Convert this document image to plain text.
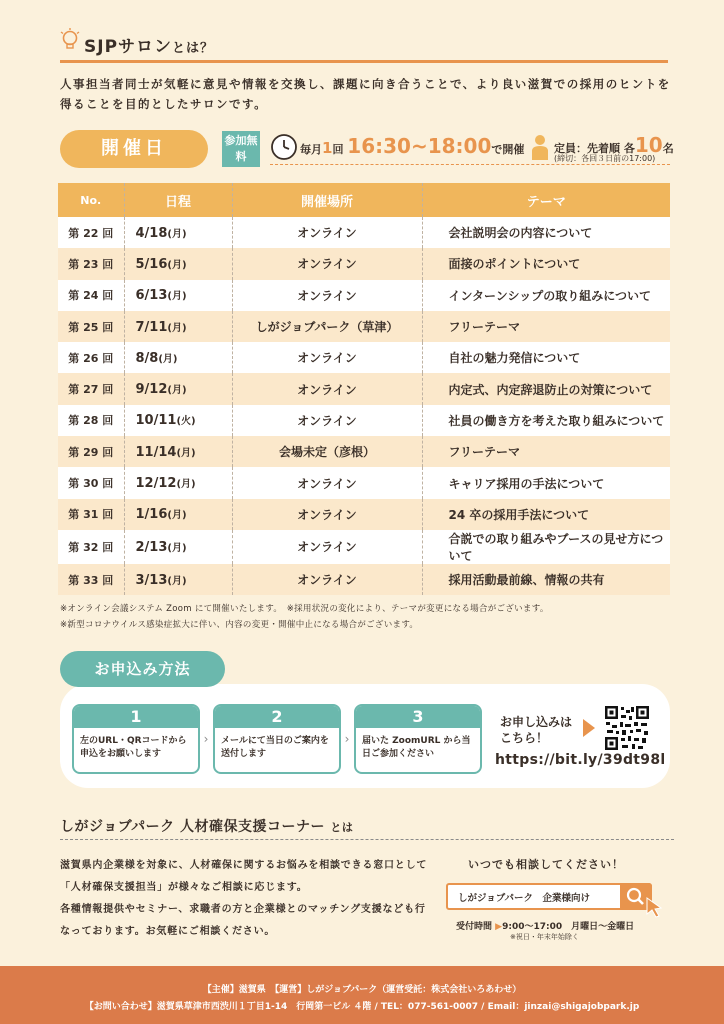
SJPサロンとは？
人事担当者同士が気軽に意見や情報を交換し、課題に向き合うことで、より良い滋賀での採用のヒントを得ることを目的としたサロンです。
開催日	参加無料
毎月1回 16:30~18:00で開催	定員：先着順 各10名
(締切：各回３日前の17:00)
No.	日程	開催場所	テーマ
第 22 回	4/18(月)	オンライン	会社説明会の内容について
第 23 回	5/16(月)	オンライン	面接のポイントについて
第 24 回	6/13(月)	オンライン	インターンシップの取り組みについて
第 25 回	7/11(月)	しがジョブパーク（草津）	フリーテーマ
第 26 回	8/8(月)	オンライン	自社の魅力発信について
第 27 回	9/12(月)	オンライン	内定式、内定辞退防止の対策について
第 28 回	10/11(火)	オンライン	社員の働き方を考えた取り組みについて
第 29 回	11/14(月)	会場未定（彦根）	フリーテーマ
第 30 回	12/12(月)	オンライン	キャリア採用の手法について
第 31 回	1/16(月)	オンライン	24 卒の採用手法について
第 32 回	2/13(月)	オンライン	合説での取り組みやブースの見せ方について
第 33 回	3/13(月)	オンライン	採用活動最前線、情報の共有
※オンライン会議システム Zoom にて開催いたします。　※採用状況の変化により、テーマが変更になる場合がございます。
※新型コロナウイルス感染症拡大に伴い、内容の変更・開催中止になる場合がございます。
お申込み方法
1
左のURL・QRコードから申込をお願いします
›
2
メールにて当日のご案内を送付します
›
3
届いた ZoomURL から当日ご参加ください
お申し込みは
こちら！
https://bit.ly/39dt98l
しがジョブパーク 人材確保支援コーナー とは
滋賀県内企業様を対象に、人材確保に関するお悩みを相談できる窓口として「人材確保支援担当」が様々なご相談に応じます。
各種情報提供やセミナー、求職者の方と企業様とのマッチング支援なども行なっております。お気軽にご相談ください。
いつでも相談してください！
しがジョブパーク　企業様向け
受付時間 ▶9:00～17:00　月曜日～金曜日
※祝日・年末年始除く
【主催】滋賀県　【運営】しがジョブパーク（運営受託：株式会社いろあわせ）
【お問い合わせ】滋賀県草津市西渋川１丁目1-14　行岡第一ビル ４階 / TEL：077-561-0007 / Email：jinzai@shigajobpark.jp
